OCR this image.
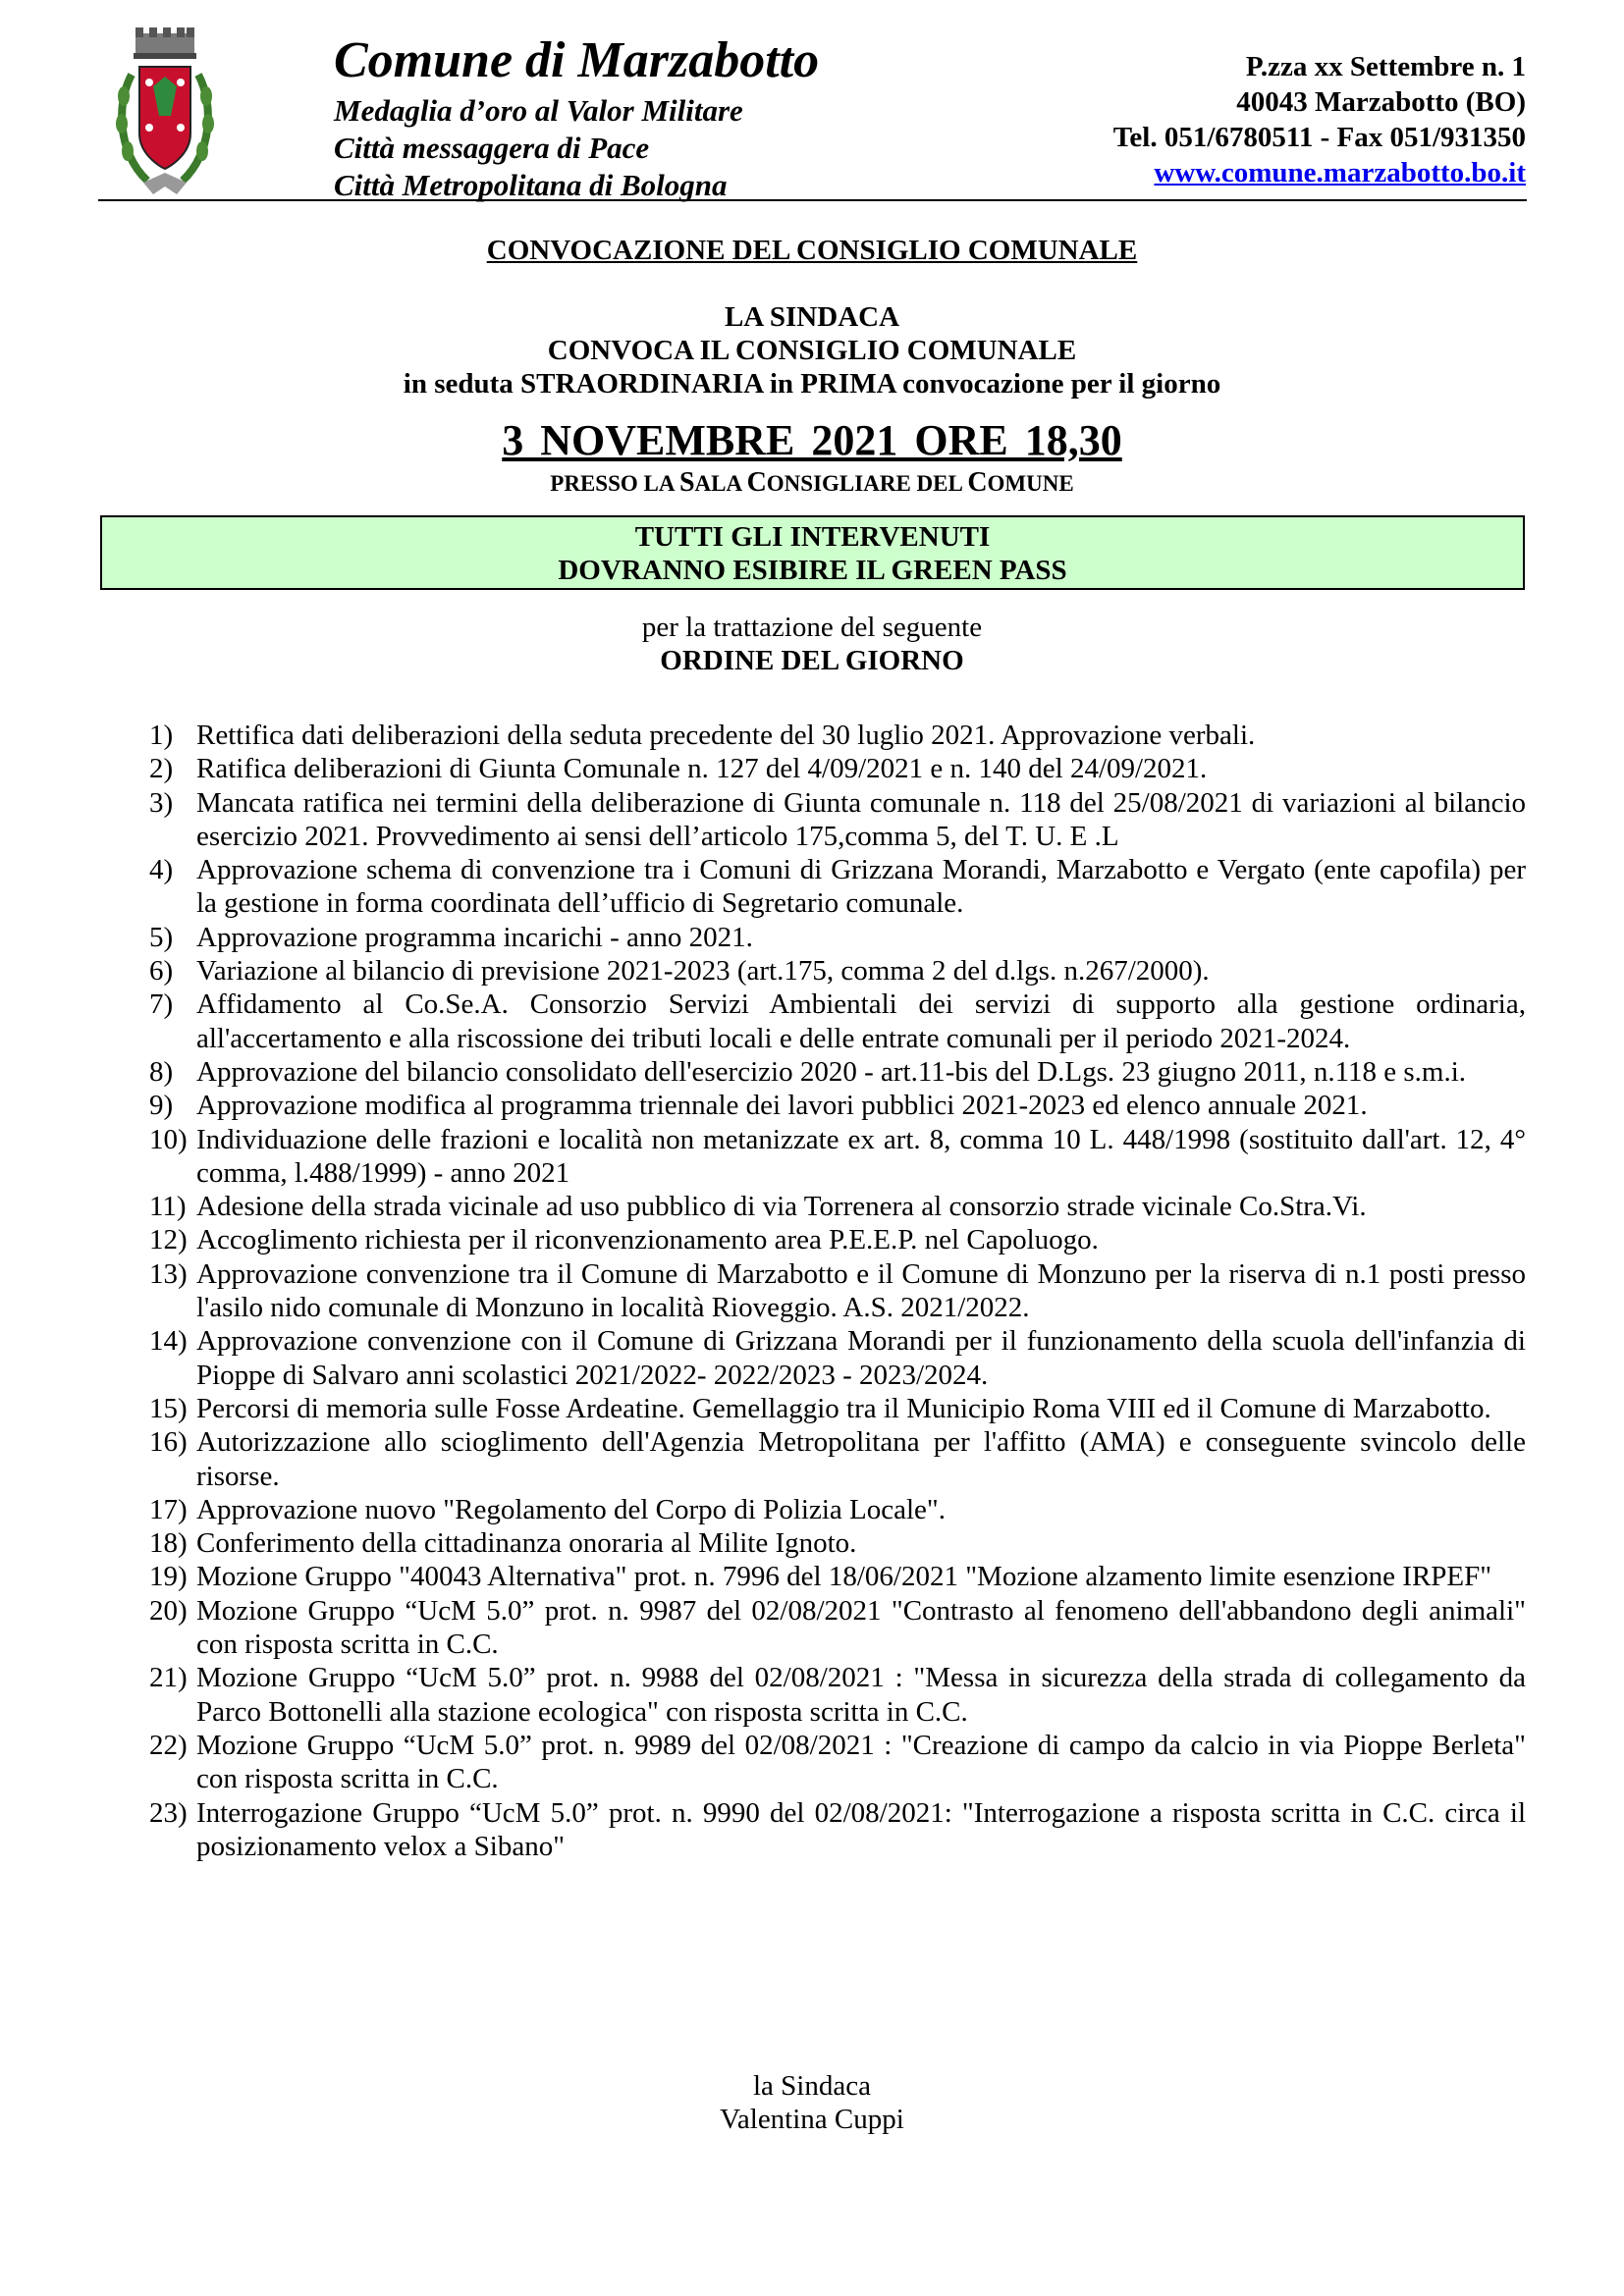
Comune di Marzabotto
Medaglia d’oro al Valor Militare
Città messaggera di Pace
Città Metropolitana di Bologna
P.zza xx Settembre n. 1
40043 Marzabotto (BO)
Tel. 051/6780511 - Fax 051/931350
www.comune.marzabotto.bo.it
CONVOCAZIONE DEL CONSIGLIO COMUNALE
LA SINDACA
CONVOCA IL CONSIGLIO COMUNALE
in seduta STRAORDINARIA in PRIMA convocazione per il giorno
3 NOVEMBRE 2021 ORE 18,30
PRESSO LA SALA CONSIGLIARE DEL COMUNE
TUTTI GLI INTERVENUTI
DOVRANNO ESIBIRE IL GREEN PASS
per la trattazione del seguente
ORDINE DEL GIORNO
1) Rettifica dati deliberazioni della seduta precedente del 30 luglio 2021. Approvazione verbali.
2) Ratifica deliberazioni di Giunta Comunale n. 127 del 4/09/2021 e n. 140 del 24/09/2021.
3) Mancata ratifica nei termini della deliberazione di Giunta comunale n. 118 del 25/08/2021 di variazioni al bilancio esercizio 2021. Provvedimento ai sensi dell’articolo 175,comma 5, del T. U. E .L
4) Approvazione schema di convenzione tra i Comuni di Grizzana Morandi, Marzabotto e Vergato (ente capofila) per la gestione in forma coordinata dell’ufficio di Segretario comunale.
5) Approvazione programma incarichi - anno 2021.
6) Variazione al bilancio di previsione 2021-2023 (art.175, comma 2 del d.lgs. n.267/2000).
7) Affidamento al Co.Se.A. Consorzio Servizi Ambientali dei servizi di supporto alla gestione ordinaria, all'accertamento e alla riscossione dei tributi locali e delle entrate comunali per il periodo 2021-2024.
8) Approvazione del bilancio consolidato dell'esercizio 2020 - art.11-bis del D.Lgs. 23 giugno 2011, n.118 e s.m.i.
9) Approvazione modifica al programma triennale dei lavori pubblici 2021-2023 ed elenco annuale 2021.
10) Individuazione delle frazioni e località non metanizzate ex art. 8, comma 10 L. 448/1998 (sostituito dall'art. 12, 4° comma, l.488/1999) - anno 2021
11) Adesione della strada vicinale ad uso pubblico di via Torrenera al consorzio strade vicinale Co.Stra.Vi.
12) Accoglimento richiesta per il riconvenzionamento area P.E.E.P. nel Capoluogo.
13) Approvazione convenzione tra il Comune di Marzabotto e il Comune di Monzuno per la riserva di n.1 posti presso l'asilo nido comunale di Monzuno in località Rioveggio. A.S. 2021/2022.
14) Approvazione convenzione con il Comune di Grizzana Morandi per il funzionamento della scuola dell'infanzia di Pioppe di Salvaro anni scolastici 2021/2022- 2022/2023 - 2023/2024.
15) Percorsi di memoria sulle Fosse Ardeatine. Gemellaggio tra il Municipio Roma VIII ed il Comune di Marzabotto.
16) Autorizzazione allo scioglimento dell'Agenzia Metropolitana per l'affitto (AMA) e conseguente svincolo delle risorse.
17) Approvazione nuovo "Regolamento del Corpo di Polizia Locale".
18) Conferimento della cittadinanza onoraria al Milite Ignoto.
19) Mozione Gruppo "40043 Alternativa" prot. n. 7996 del 18/06/2021 "Mozione alzamento limite esenzione IRPEF"
20) Mozione Gruppo “UcM 5.0” prot. n. 9987 del 02/08/2021 "Contrasto al fenomeno dell'abbandono degli animali" con risposta scritta in C.C.
21) Mozione Gruppo “UcM 5.0” prot. n. 9988 del 02/08/2021 : "Messa in sicurezza della strada di collegamento da Parco Bottonelli alla stazione ecologica" con risposta scritta in C.C.
22) Mozione Gruppo “UcM 5.0” prot. n. 9989 del 02/08/2021 : "Creazione di campo da calcio in via Pioppe Berleta" con risposta scritta in C.C.
23) Interrogazione Gruppo “UcM 5.0” prot. n. 9990 del 02/08/2021: "Interrogazione a risposta scritta in C.C. circa il posizionamento velox a Sibano"
la Sindaca
Valentina Cuppi
